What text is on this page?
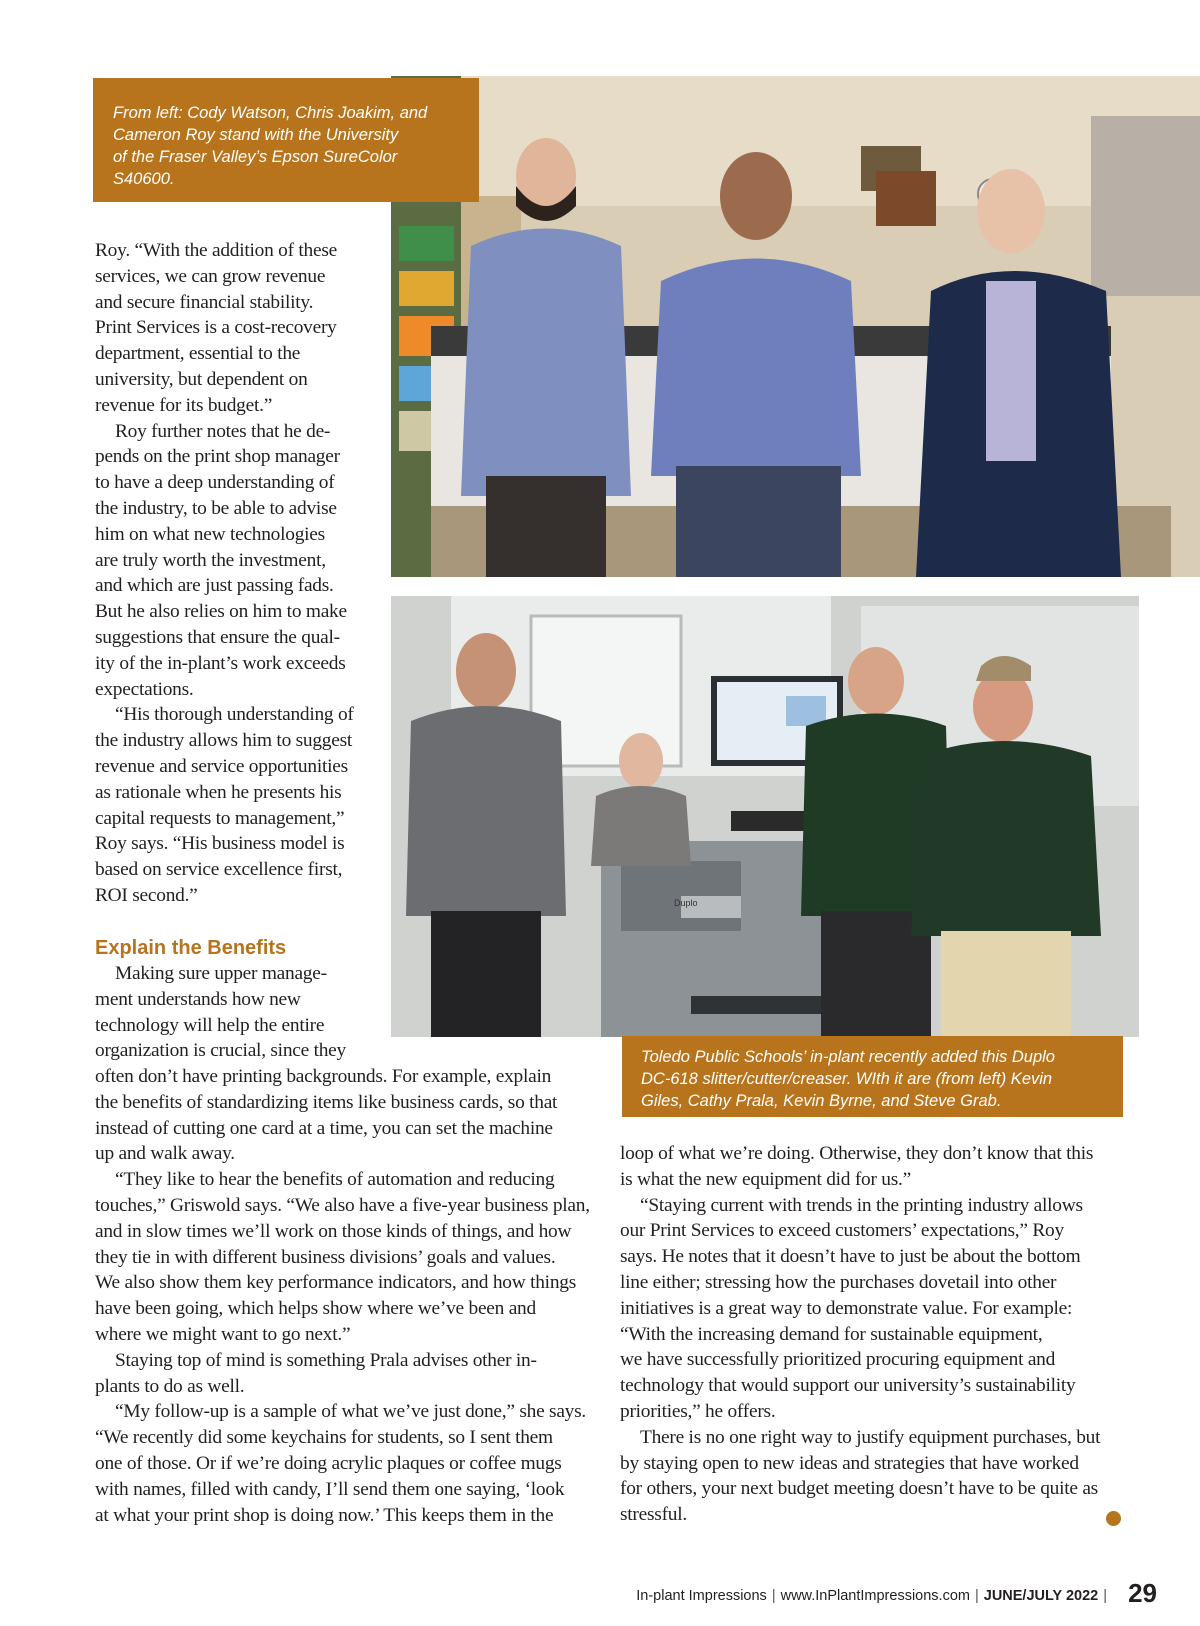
From left: Cody Watson, Chris Joakim, and
Cameron Roy stand with the University
of the Fraser Valley’s Epson SureColor
S40600.
Duplo
Toledo Public Schools’ in-plant recently added this Duplo
DC-618 slitter/cutter/creaser. WIth it are (from left) Kevin
Giles, Cathy Prala, Kevin Byrne, and Steve Grab.

Roy. “With the addition of these
services, we can grow revenue
and secure financial stability.
Print Services is a cost-recovery
department, essential to the
university, but dependent on
revenue for its budget.”

Roy further notes that he de-
pends on the print shop manager
to have a deep understanding of
the industry, to be able to advise
him on what new technologies
are truly worth the investment,
and which are just passing fads.
But he also relies on him to make
suggestions that ensure the qual-
ity of the in-plant’s work exceeds
expectations.

“His thorough understanding of
the industry allows him to suggest
revenue and service opportunities
as rationale when he presents his
capital requests to management,”
Roy says. “His business model is
based on service excellence first,
ROI second.”

Explain the Benefits

Making sure upper manage-
ment understands how new
technology will help the entire
organization is crucial, since they

often don’t have printing backgrounds. For example, explain
the benefits of standardizing items like business cards, so that
instead of cutting one card at a time, you can set the machine
up and walk away.

“They like to hear the benefits of automation and reducing
touches,” Griswold says. “We also have a five-year business plan,
and in slow times we’ll work on those kinds of things, and how
they tie in with different business divisions’ goals and values.
We also show them key performance indicators, and how things
have been going, which helps show where we’ve been and
where we might want to go next.”

Staying top of mind is something Prala advises other in-
plants to do as well.

“My follow-up is a sample of what we’ve just done,” she says.
“We recently did some keychains for students, so I sent them
one of those. Or if we’re doing acrylic plaques or coffee mugs
with names, filled with candy, I’ll send them one saying, ‘look
at what your print shop is doing now.’ This keeps them in the

loop of what we’re doing. Otherwise, they don’t know that this
is what the new equipment did for us.”

“Staying current with trends in the printing industry allows
our Print Services to exceed customers’ expectations,” Roy
says. He notes that it doesn’t have to just be about the bottom
line either; stressing how the purchases dovetail into other
initiatives is a great way to demonstrate value. For example:
“With the increasing demand for sustainable equipment,
we have successfully prioritized procuring equipment and
technology that would support our university’s sustainability
priorities,” he offers.

There is no one right way to justify equipment purchases, but
by staying open to new ideas and strategies that have worked
for others, your next budget meeting doesn’t have to be quite as
stressful.

In-plant Impressions | www.InPlantImpressions.com | JUNE/JULY 2022 | 29
